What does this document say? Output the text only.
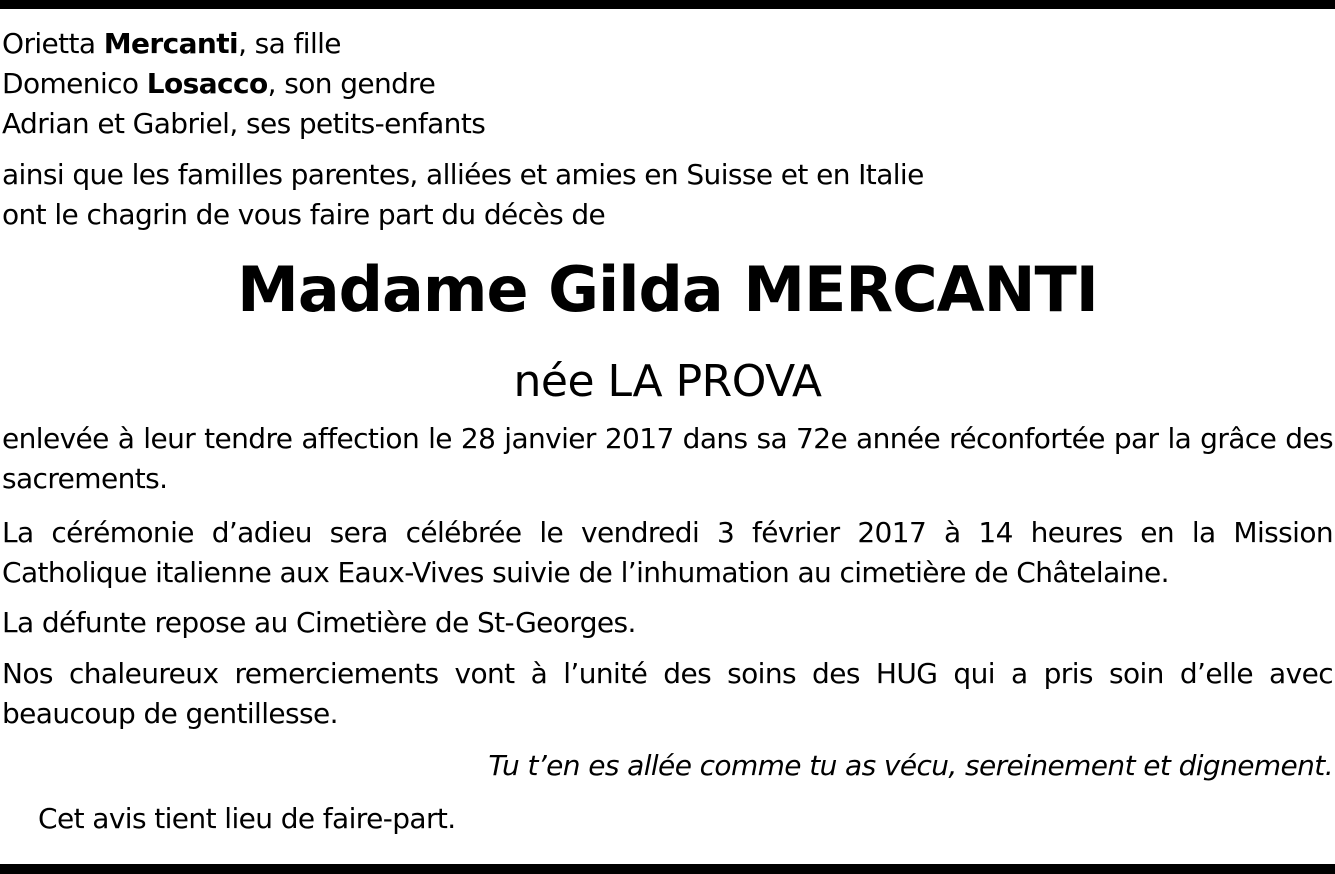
Orietta Mercanti, sa fille
Domenico Losacco, son gendre
Adrian et Gabriel, ses petits-enfants
ainsi que les familles parentes, alliées et amies en Suisse et en Italie
ont le chagrin de vous faire part du décès de
Madame Gilda MERCANTI
née LA PROVA
enlevée à leur tendre affection le 28 janvier 2017 dans sa 72e année réconfortée par la grâce des sacrements.
La cérémonie d’adieu sera célébrée le vendredi 3 février 2017 à 14 heures en la Mission Catholique italienne aux Eaux-Vives suivie de l’inhumation au cimetière de Châtelaine.
La défunte repose au Cimetière de St-Georges.
Nos chaleureux remerciements vont à l’unité des soins des HUG qui a pris soin d’elle avec beaucoup de gentillesse.
Tu t’en es allée comme tu as vécu, sereinement et dignement.
Cet avis tient lieu de faire-part.
